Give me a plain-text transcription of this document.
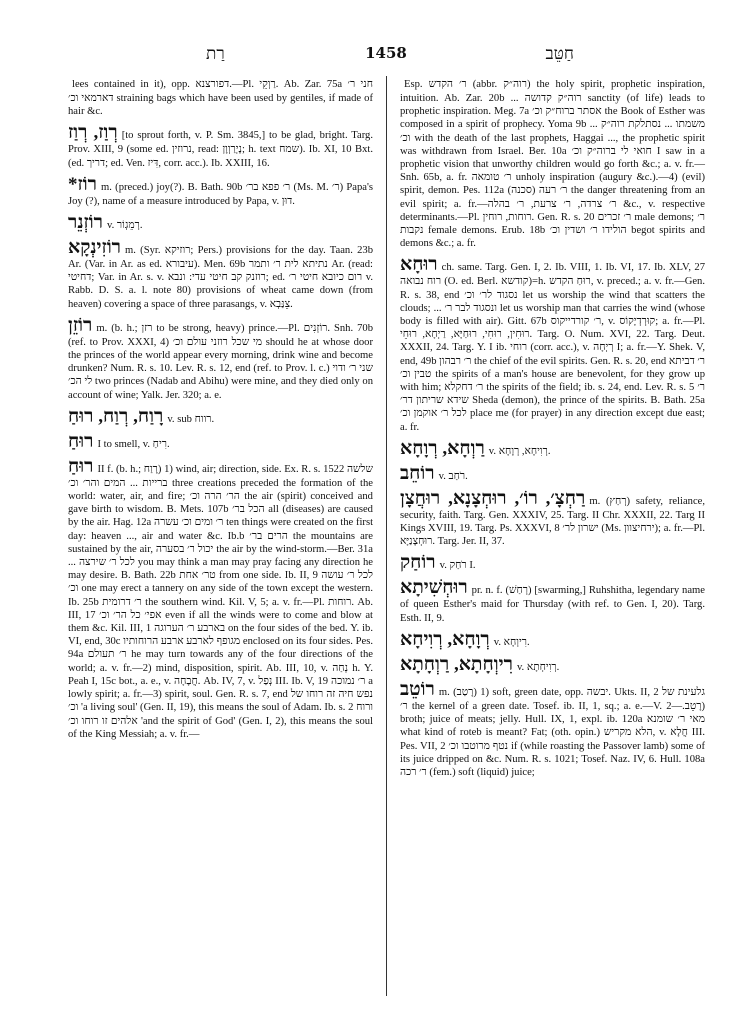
רַת	1458	חַטֵּב

lees contained in it), opp. דפורצנא.—Pl. רַוְקֵי. Ab. Zar. 75a חני ר׳ דארמאי וכ׳ straining bags which have been used by gentiles, if made of hair &c.

רְוַז, רְוַז [to sprout forth, v. P. Sm. 3845,] to be glad, bright. Targ. Prov. XIII, 9 (some ed. נרוזין, read: נָיְרַוְוָן; h. text שמח). Ib. XI, 10 Bxt. (ed. דריך; ed. Ven. דִּיז, corr. acc.). Ib. XXIII, 16.

*רוֹז m. (preced.) joy(?). B. Bath. 90b ר׳ פפא בר׳ (Ms. M. ר׳) Papa's Joy (?), name of a measure introduced by Papa, v. דוּן.

רוֹזְנֵר v. רְמֵגְוֹר.

רוֹזִינְקָא m. (Syr. רוזיקא; Pers.) provisions for the day. Taan. 23b Ar. (Var. in Ar. as ed. עיבורא). Men. 69b נתיתא לית ר׳ ותמר Ar. (read: דחיטי; Var. in Ar. s. v. רוזנק קב חיטי עדי: ונבא; ed. רום כיובא חיטי ר׳ v. Rabb. D. S. a. l. note 80) provisions of wheat came down (from heaven) covering a space of three parasangs, v. צֵנַּבְא.

רוֹזֵן m. (b. h.; רזן to be strong, heavy) prince.—Pl. רוֹזְנִים. Snh. 70b (ref. to Prov. XXXI, 4) מי שכל רוזני עולם וכ׳ should he at whose door the princes of the world appear every morning, drink wine and become drunken? Num. R. s. 10. Lev. R. s. 12, end (ref. to Prov. l. c.) שני ר׳ ודוי לי הכ׳ two princes (Nadab and Abihu) were mine, and they died only on account of wine; Yalk. Jer. 320; a. e.

רָוַח, רְוַח, רוּחַ v. sub רווח.

רוּחַ I to smell, v. רִיחַ.

רוּחַ II f. (b. h.; רָוַח) 1) wind, air; direction, side. Ex. R. s. 1522 שלשה ברייות ... המים והר׳ וכ׳ three creations preceded the formation of the world: water, air, and fire; הר׳ הרה וכ׳ the air (spirit) conceived and gave birth to wisdom. B. Mets. 107b הכל בר׳ all (diseases) are caused by the air. Hag. 12a ר׳ ומים וכ׳ עשרה ten things were created on the first day: heaven ..., air and water &c. Ib.b הרים בר׳ the mountains are sustained by the air, יכול ר׳ בסערה the air by the wind-storm.—Ber. 31a ... לכל ר׳ שירצה you may think a man may pray facing any direction he may desire. B. Bath. 22b טר׳ אחת from one side. Ib. II, 9 לכל ר׳ עושה וכ׳ one may erect a tannery on any side of the town except the western. Ib. 25b ר׳ דרומית the southern wind. Kil. V, 5; a. v. fr.—Pl. רוחות. Ab. III, 17 אפי׳ כל הר׳ וכ׳ even if all the winds were to come and blow at them &c. Kil. III, 1 בארבע ר׳ הערוגה on the four sides of the bed. Y. ib. VI, end, 30c מגופף לארבע ארבע הרוחותיו enclosed on its four sides. Pes. 94a ר׳ תעולם he may turn towards any of the four directions of the world; a. v. fr.—2) mind, disposition, spirit. Ab. III, 10, v. נְחַה h. Y. Peah I, 15c bot., a. e., v. חֲבָחָה. Ab. IV, 7, v. נְפַל III. Ib. V, 19 ר׳ נמוכה a lowly spirit; a. fr.—3) spirit, soul. Gen. R. s. 7, end נפש חיה זה רוחו של וכ׳ 'a living soul' (Gen. II, 19), this means the soul of Adam. Ib. s. 2 ורוח אלהים זו רוחו וכ׳ 'and the spirit of God' (Gen. I, 2), this means the soul of the King Messiah; a. v. fr.—

Esp. ר׳ הקדש (abbr. רוה״ק) the holy spirit, prophetic inspiration, intuition. Ab. Zar. 20b ... רוה״ק קדושה sanctity (of life) leads to prophetic inspiration. Meg. 7a אסתר ברוח״ק וכ׳ the Book of Esther was composed in a spirit of prophecy. Yoma 9b ... משמתו ... נסתלקת רוה״ק וכ׳ with the death of the last prophets, Haggai ..., the prophetic spirit was withdrawn from Israel. Ber. 10a חואי לי ברוה״ק וכ׳ I saw in a prophetic vision that unworthy children would go forth &c.; a. v. fr.—Snh. 65b, a. fr. ר׳ טומאה unholy inspiration (augury &c.).—4) (evil) spirit, demon. Pes. 112a ר׳ רעה (סכנה) the danger threatening from an evil spirit; a. fr.—ר׳ צרדה, ר׳ צרעת, ר׳ בהלה &c., v. respective determinants.—Pl. רוחות, רוחין. Gen. R. s. 20 ר׳ זכרים male demons; ר׳ נקבות female demons. Erub. 18b הולידו ר׳ ושדין וכ׳ begot spirits and demons &c.; a. fr.

רוּחָא ch. same. Targ. Gen. I, 2. Ib. VIII, 1. Ib. VI, 17. Ib. XLV, 27 רוח נבואה (O. ed. Berl. קודשא)=h. רוּחַ הקדש, v. preced.; a. v. fr.—Gen. R. s. 38, end נסגוד לר׳ וכ׳ let us worship the wind that scatters the clouds; ... ונסגוד לבר ר׳ let us worship man that carries the wind (whose body is filled with air). Gitt. 67b ר׳ קורדייקוס, v. קוּרְדְיָקוֹס; a. fr.—Pl. רוּחִין, רוּחִי, רוּחַיָּא, רַיְחָא, רוּחֵי. Targ. O. Num. XVI, 22. Targ. Deut. XXXII, 24. Targ. Y. I ib. רוחי (corr. acc.), v. רְיְחָה I; a. fr.—Y. Shek. V, end, 49b ר׳ רבהון the chief of the evil spirits. Gen. R. s. 20, end ר׳ דביתא טבין וכ׳ the spirits of a man's house are benevolent, for they grow up with him; ר׳ דחקלא the spirits of the field; ib. s. 24, end. Lev. R. s. 5 ר׳ שידא שריתון דר׳ Sheda (demon), the prince of the spirits. B. Bath. 25a לכל ר׳ אוקמן וכ׳ place me (for prayer) in any direction except due east; a. fr.

רַוְחָא, רְוָחָא v. רְוִיחָא, רְוָחָא.

רוֹחֵב v. רֹחַב.

רַחְצָ׳, רוֹ׳, רוּחְצָנָא, רוּחֲצָן m. (רְחַץ) safety, reliance, security, faith. Targ. Gen. XXXIV, 25. Targ. II Chr. XXXII, 22. Targ II Kings XVIII, 19. Targ. Ps. XXXVI, 8 ישרון לר׳ (Ms. ירחיצוון); a. fr.—Pl. רוּחְצָנַיָּא. Targ. Jer. II, 37.

רוֹחַק v. רֹחַק I.

רוּחְשִׁיתָא pr. n. f. (רְחַשׁ) [swarming,] Ruhshitha, legendary name of queen Esther's maid for Thursday (with ref. to Gen. I, 20). Targ. Esth. II, 9.

רְוָחָא, רְוִיחָא v. רִיוְחָא.

רִיוְחָתָא, רַוְחָתָא v. רְוִיחְתָא.

רוֹטֵב m. (רָטַב) 1) soft, green date, opp. יבשה. Ukts. II, 2 גלעינת של ר׳ the kernel of a green date. Tosef. ib. II, 1, sq.; a. e.—V. רָטֵב.—2) broth; juice of meats; jelly. Hull. IX, 1, expl. ib. 120a מאי ר׳ שומנא what kind of roteb is meant? Fat; (oth. opin.) הלא מקריש, v. חֲלָא III. Pes. VII, 2 נטף מרוטבו וכ׳ if (while roasting the Passover lamb) some of its juice dripped on &c. Num. R. s. 1021; Tosef. Naz. IV, 6. Hull. 108a ר׳ רכה (fem.) soft (liquid) juice;
